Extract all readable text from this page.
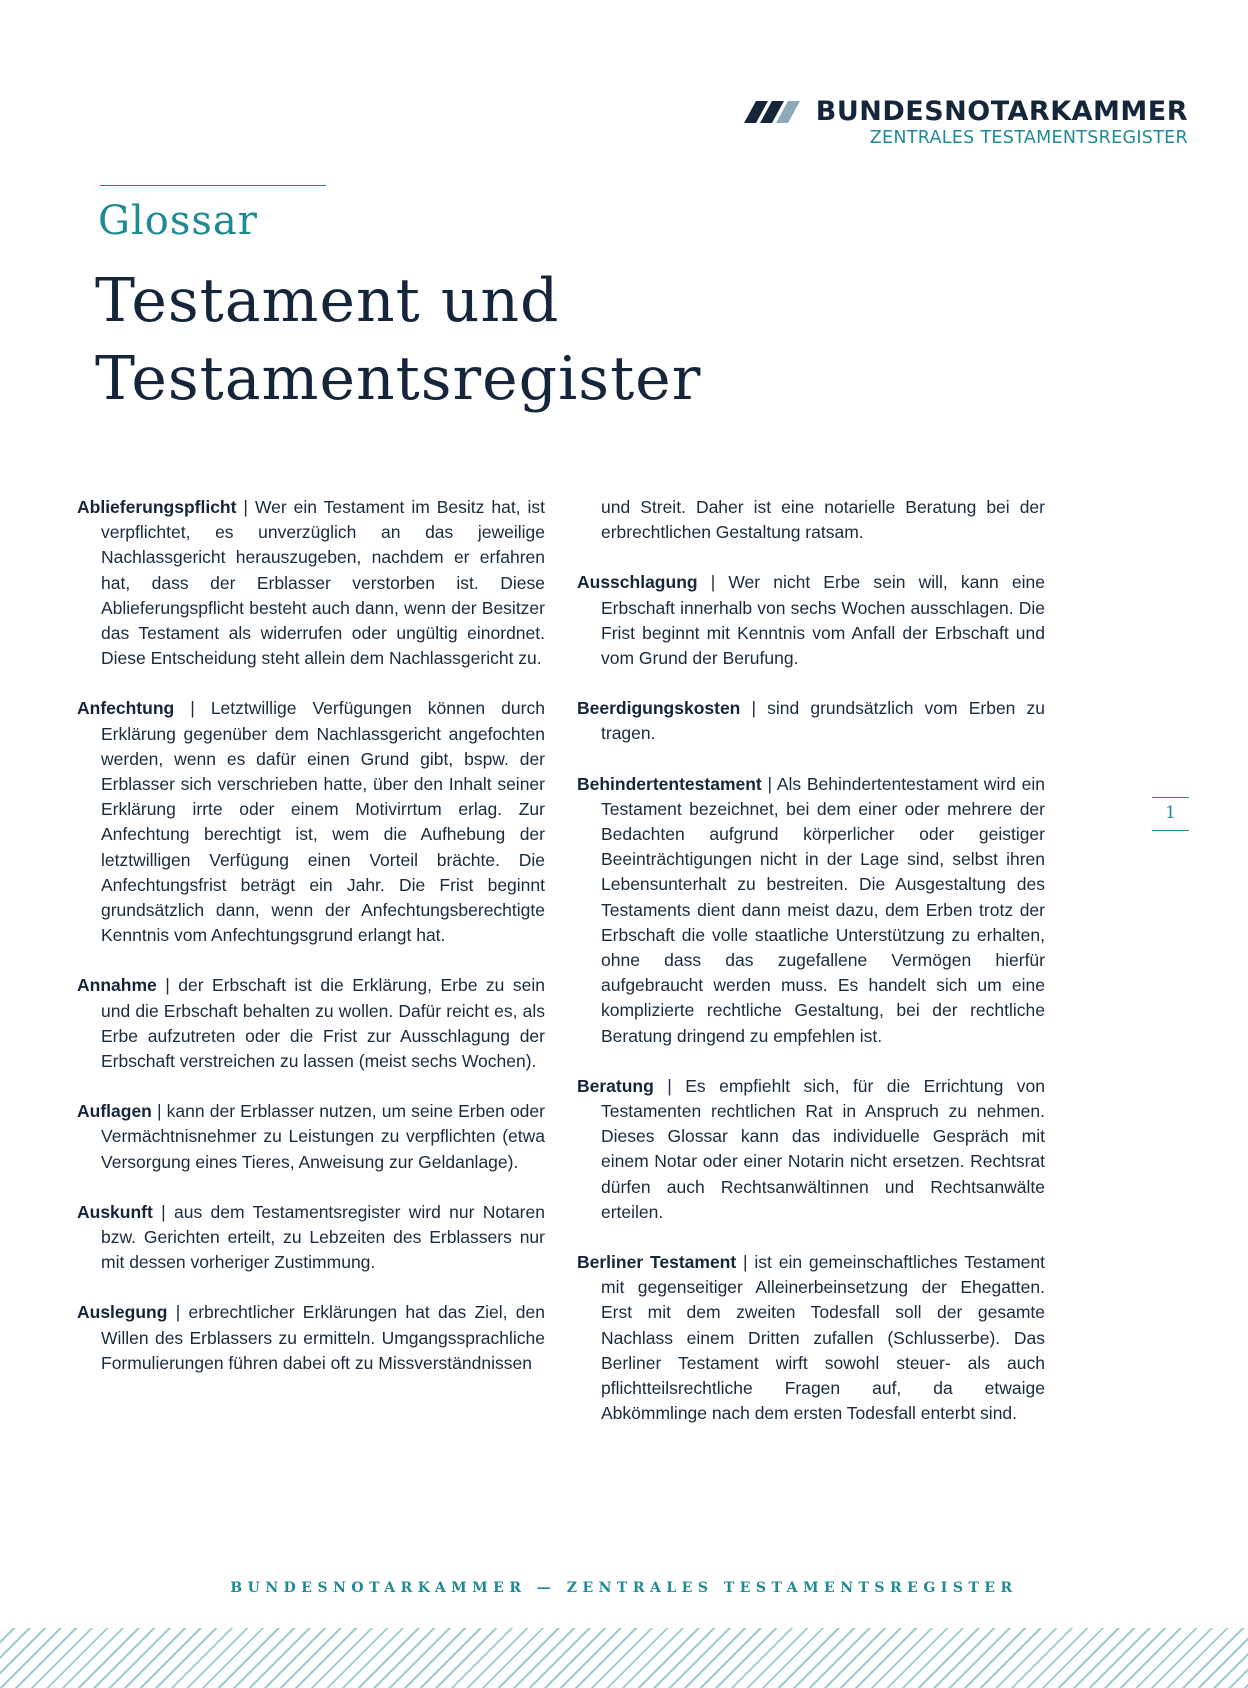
BUNDESNOTARKAMMER
ZENTRALES TESTAMENTSREGISTER
Glossar
Testament und
Testamentsregister

Ablieferungspflicht | Wer ein Testament im Besitz hat, ist verpflichtet, es unverzüglich an das jeweilige Nachlassgericht herauszugeben, nachdem er erfahren hat, dass der Erblasser verstorben ist. Diese Ablieferungspflicht besteht auch dann, wenn der Besitzer das Testament als widerrufen oder ungültig einordnet. Diese Entscheidung steht allein dem Nachlassgericht zu.

Anfechtung | Letztwillige Verfügungen können durch Erklärung gegenüber dem Nachlassgericht angefochten werden, wenn es dafür einen Grund gibt, bspw. der Erblasser sich verschrieben hatte, über den Inhalt seiner Erklärung irrte oder einem Motivirrtum erlag. Zur Anfechtung berechtigt ist, wem die Aufhebung der letztwilligen Verfügung einen Vorteil brächte. Die Anfechtungsfrist beträgt ein Jahr. Die Frist beginnt grundsätzlich dann, wenn der Anfechtungsberechtigte Kenntnis vom Anfechtungsgrund erlangt hat.

Annahme | der Erbschaft ist die Erklärung, Erbe zu sein und die Erbschaft behalten zu wollen. Dafür reicht es, als Erbe aufzutreten oder die Frist zur Ausschlagung der Erbschaft verstreichen zu lassen (meist sechs Wochen).

Auflagen | kann der Erblasser nutzen, um seine Erben oder Vermächtnisnehmer zu Leistungen zu verpflichten (etwa Versorgung eines Tieres, Anweisung zur Geldanlage).

Auskunft | aus dem Testamentsregister wird nur Notaren bzw. Gerichten erteilt, zu Lebzeiten des Erblassers nur mit dessen vorheriger Zustimmung.

Auslegung | erbrechtlicher Erklärungen hat das Ziel, den Willen des Erblassers zu ermitteln. Umgangssprachliche Formulierungen führen dabei oft zu Missverständnissen

und Streit. Daher ist eine notarielle Beratung bei der erbrechtlichen Gestaltung ratsam.

Ausschlagung | Wer nicht Erbe sein will, kann eine Erbschaft innerhalb von sechs Wochen ausschlagen. Die Frist beginnt mit Kenntnis vom Anfall der Erbschaft und vom Grund der Berufung.

Beerdigungskosten | sind grundsätzlich vom Erben zu tragen.

Behindertentestament | Als Behindertentestament wird ein Testament bezeichnet, bei dem einer oder mehrere der Bedachten aufgrund körperlicher oder geistiger Beeinträchtigungen nicht in der Lage sind, selbst ihren Lebensunterhalt zu bestreiten. Die Ausgestaltung des Testaments dient dann meist dazu, dem Erben trotz der Erbschaft die volle staatliche Unterstützung zu erhalten, ohne dass das zugefallene Vermögen hierfür aufgebraucht werden muss. Es handelt sich um eine komplizierte rechtliche Gestaltung, bei der rechtliche Beratung dringend zu empfehlen ist.

Beratung | Es empfiehlt sich, für die Errichtung von Testamenten rechtlichen Rat in Anspruch zu nehmen. Dieses Glossar kann das individuelle Gespräch mit einem Notar oder einer Notarin nicht ersetzen. Rechtsrat dürfen auch Rechtsanwältinnen und Rechtsanwälte erteilen.

Berliner Testament | ist ein gemeinschaftliches Testament mit gegenseitiger Alleinerbeinsetzung der Ehegatten. Erst mit dem zweiten Todesfall soll der gesamte Nachlass einem Dritten zufallen (Schlusserbe). Das Berliner Testament wirft sowohl steuer- als auch pflichtteilsrechtliche Fragen auf, da etwaige Abkömmlinge nach dem ersten Todesfall enterbt sind.

1
BUNDESNOTARKAMMER — ZENTRALES TESTAMENTSREGISTER
